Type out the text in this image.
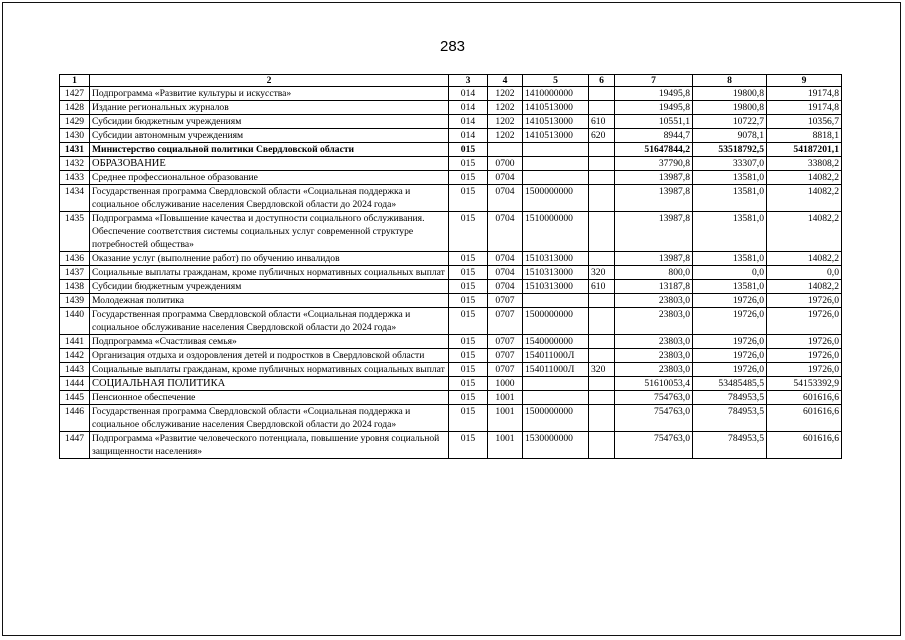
283
1	2	3	4	5	6	7	8	9
1427	Подпрограмма «Развитие культуры и искусства»	014	1202	1410000000		19495,8	19800,8	19174,8
1428	Издание региональных журналов	014	1202	1410513000		19495,8	19800,8	19174,8
1429	Субсидии бюджетным учреждениям	014	1202	1410513000	610	10551,1	10722,7	10356,7
1430	Субсидии автономным учреждениям	014	1202	1410513000	620	8944,7	9078,1	8818,1
1431	Министерство социальной политики Свердловской области	015				51647844,2	53518792,5	54187201,1
1432	ОБРАЗОВАНИЕ	015	0700			37790,8	33307,0	33808,2
1433	Среднее профессиональное образование	015	0704			13987,8	13581,0	14082,2
1434	Государственная программа Свердловской области «Социальная поддержка и социальное обслуживание населения Свердловской области до 2024 года»	015	0704	1500000000		13987,8	13581,0	14082,2
1435	Подпрограмма «Повышение качества и доступности социального обслуживания. Обеспечение соответствия системы социальных услуг современной структуре потребностей общества»	015	0704	1510000000		13987,8	13581,0	14082,2
1436	Оказание услуг (выполнение работ) по обучению инвалидов	015	0704	1510313000		13987,8	13581,0	14082,2
1437	Социальные выплаты гражданам, кроме публичных нормативных социальных выплат	015	0704	1510313000	320	800,0	0,0	0,0
1438	Субсидии бюджетным учреждениям	015	0704	1510313000	610	13187,8	13581,0	14082,2
1439	Молодежная политика	015	0707			23803,0	19726,0	19726,0
1440	Государственная программа Свердловской области «Социальная поддержка и социальное обслуживание населения Свердловской области до 2024 года»	015	0707	1500000000		23803,0	19726,0	19726,0
1441	Подпрограмма «Счастливая семья»	015	0707	1540000000		23803,0	19726,0	19726,0
1442	Организация отдыха и оздоровления детей и подростков в Свердловской области	015	0707	154011000Л		23803,0	19726,0	19726,0
1443	Социальные выплаты гражданам, кроме публичных нормативных социальных выплат	015	0707	154011000Л	320	23803,0	19726,0	19726,0
1444	СОЦИАЛЬНАЯ ПОЛИТИКА	015	1000			51610053,4	53485485,5	54153392,9
1445	Пенсионное обеспечение	015	1001			754763,0	784953,5	601616,6
1446	Государственная программа Свердловской области «Социальная поддержка и социальное обслуживание населения Свердловской области до 2024 года»	015	1001	1500000000		754763,0	784953,5	601616,6
1447	Подпрограмма «Развитие человеческого потенциала, повышение уровня социальной защищенности населения»	015	1001	1530000000		754763,0	784953,5	601616,6
